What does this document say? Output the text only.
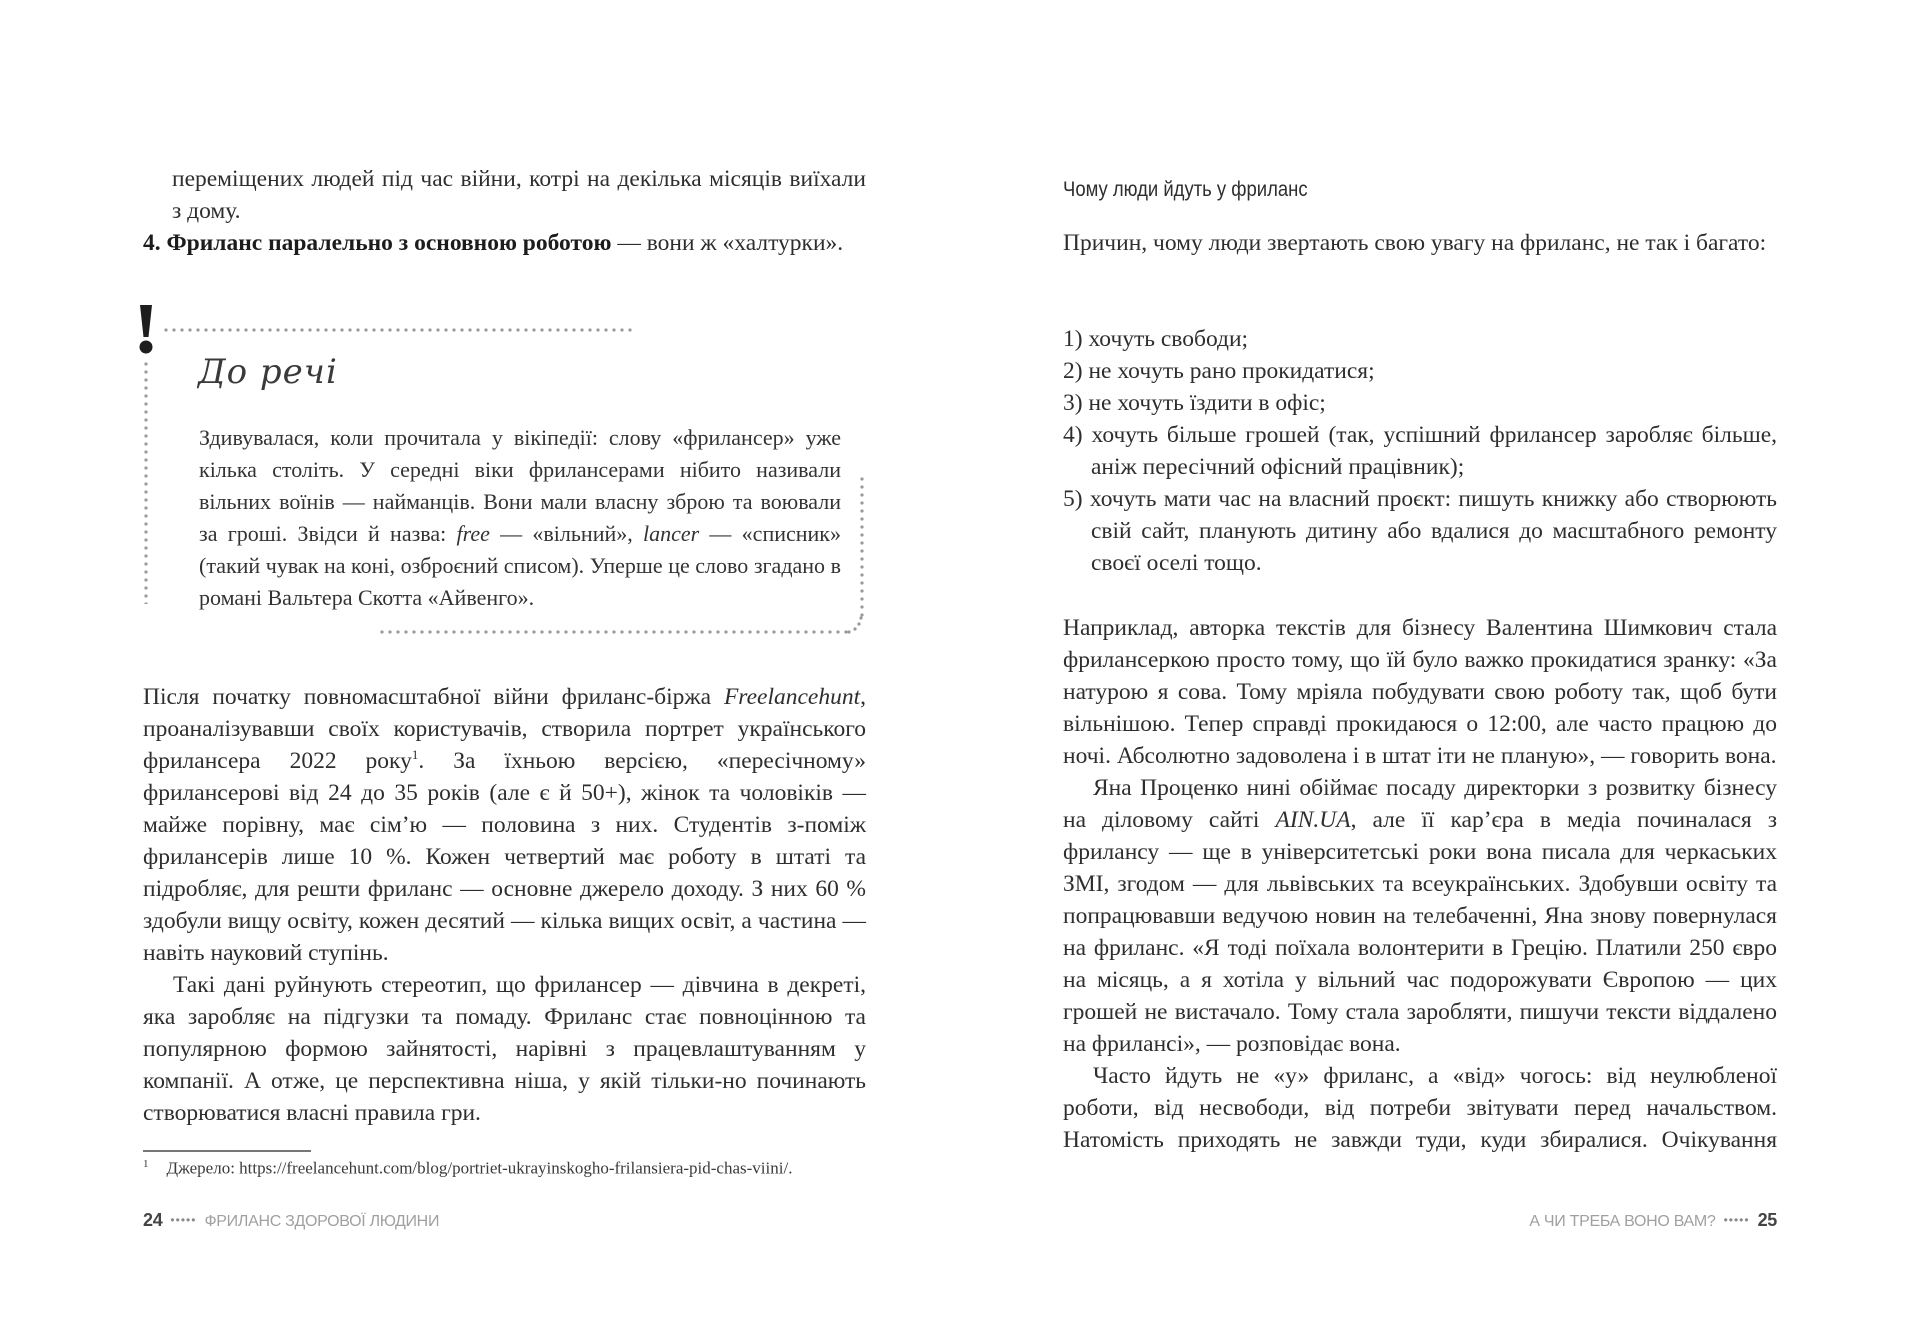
переміщених людей під час війни, котрі на декілька місяців виїхали з дому.

4. Фриланс паралельно з основною роботою — вони ж «халтурки».

До речі

Здивувалася, коли прочитала у вікіпедії: слову «фрилансер» уже кілька століть. У середні віки фрилансерами нібито називали вільних воїнів — найманців. Вони мали власну зброю та воювали за гроші. Звідси й назва: free — «вільний», lancer — «списник» (такий чувак на коні, озброєний списом). Уперше це слово згадано в романі Вальтера Скотта «Айвенго».

Після початку повномасштабної війни фриланс-біржа Freelancehunt, проаналізувавши своїх користувачів, створила портрет українського фрилансера 2022 року$^1$. За їхньою версією, «пересічному» фрилансерові від 24 до 35 років (але є й 50+), жінок та чоловіків — майже порівну, має сім’ю — половина з них. Студентів з-поміж фрилансерів лише 10 %. Кожен четвертий має роботу в штаті та підробляє, для решти фриланс — основне джерело доходу. З них 60 % здобули вищу освіту, кожен десятий — кілька вищих освіт, а частина — навіть науковий ступінь.

Такі дані руйнують стереотип, що фрилансер — дівчина в декреті, яка заробляє на підгузки та помаду. Фриланс стає повноцінною та популярною формою зайнятості, нарівні з працевлаштуванням у компанії. А отже, це перспективна ніша, у якій тільки-но починають створюватися власні правила гри.

$^1$ Джерело: https://freelancehunt.com/blog/portriet-ukrayinskogho-frilansiera-pid-chas-viini/.
24 ••••• ФРИЛАНС ЗДОРОВОЇ ЛЮДИНИ
Чому люди йдуть у фриланс

Причин, чому люди звертають свою увагу на фриланс, не так і багато:

1) хочуть свободи;

2) не хочуть рано прокидатися;

3) не хочуть їздити в офіс;

4) хочуть більше грошей (так, успішний фрилансер заробляє більше, аніж пересічний офісний працівник);

5) хочуть мати час на власний проєкт: пишуть книжку або створюють свій сайт, планують дитину або вдалися до масштабного ремонту своєї оселі тощо.

Наприклад, авторка текстів для бізнесу Валентина Шимкович стала фрилансеркою просто тому, що їй було важко прокидатися зранку: «За натурою я сова. Тому мріяла побудувати свою роботу так, щоб бути вільнішою. Тепер справді прокидаюся о 12:00, але часто працюю до ночі. Абсолютно задоволена і в штат іти не планую», — говорить вона.

Яна Проценко нині обіймає посаду директорки з розвитку бізнесу на діловому сайті AIN.UA, але її кар’єра в медіа починалася з фрилансу — ще в університетські роки вона писала для черкаських ЗМІ, згодом — для львівських та всеукраїнських. Здобувши освіту та попрацювавши ведучою новин на телебаченні, Яна знову повернулася на фриланс. «Я тоді поїхала волонтерити в Грецію. Платили 250 євро на місяць, а я хотіла у вільний час подорожувати Європою — цих грошей не вистачало. Тому стала заробляти, пишучи тексти віддалено на фрилансі», — розповідає вона.

Часто йдуть не «у» фриланс, а «від» чогось: від неулюбленої роботи, від несвободи, від потреби звітувати перед начальством. Натомість приходять не завжди туди, куди збиралися. Очікування

А ЧИ ТРЕБА ВОНО ВАМ? ••••• 25
